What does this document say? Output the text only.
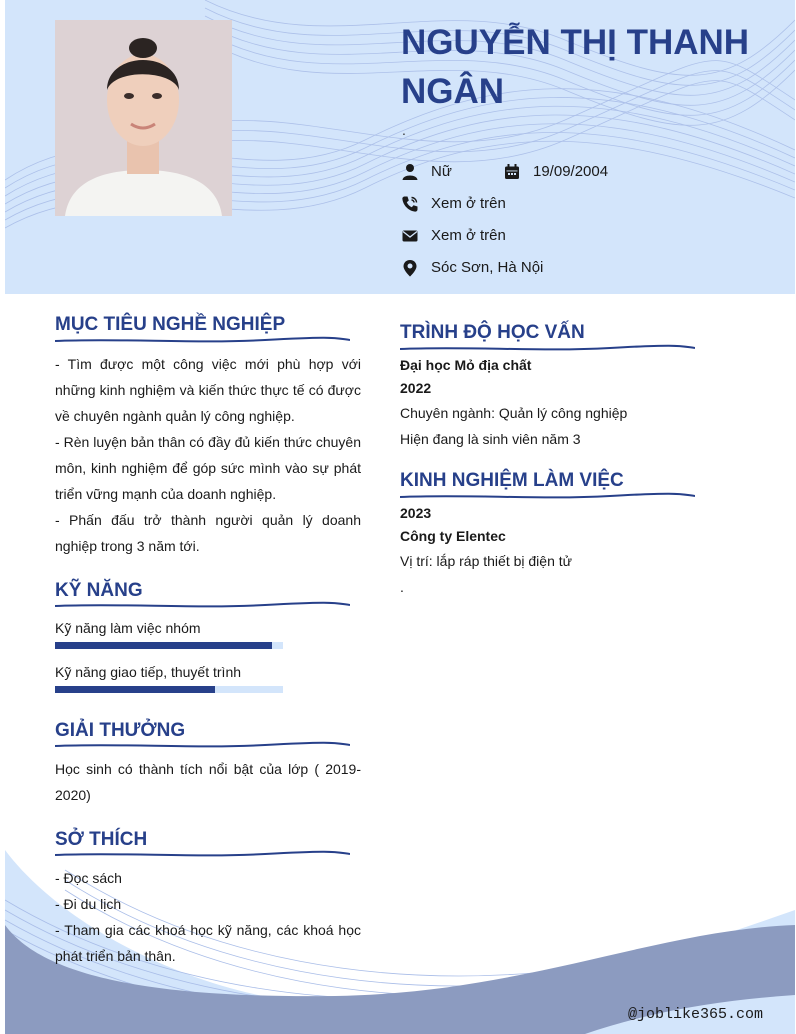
NGUYỄN THỊ THANH NGÂN
.
Nữ	19/09/2004
Xem ở trên
Xem ở trên
Sóc Sơn, Hà Nội
MỤC TIÊU NGHỀ NGHIỆP

- Tìm được một công việc mới phù hợp với những kinh nghiệm và kiến thức thực tế có được về chuyên ngành quản lý công nghiệp.

- Rèn luyện bản thân có đầy đủ kiến thức chuyên môn, kinh nghiệm để góp sức mình vào sự phát triển vững mạnh của doanh nghiệp.

- Phấn đấu trở thành người quản lý doanh nghiệp trong 3 năm tới.

KỸ NĂNG
Kỹ năng làm việc nhóm
Kỹ năng giao tiếp, thuyết trình
GIẢI THƯỞNG

Học sinh có thành tích nổi bật của lớp ( 2019-2020)

SỞ THÍCH

- Đọc sách

- Đi du lịch

- Tham gia các khoá học kỹ năng, các khoá học phát triển bản thân.

TRÌNH ĐỘ HỌC VẤN
Đại học Mỏ địa chất
2022
Chuyên ngành: Quản lý công nghiệp
Hiện đang là sinh viên năm 3
KINH NGHIỆM LÀM VIỆC
2023
Công ty Elentec
Vị trí: lắp ráp thiết bị điện tử
.
@joblike365.com
